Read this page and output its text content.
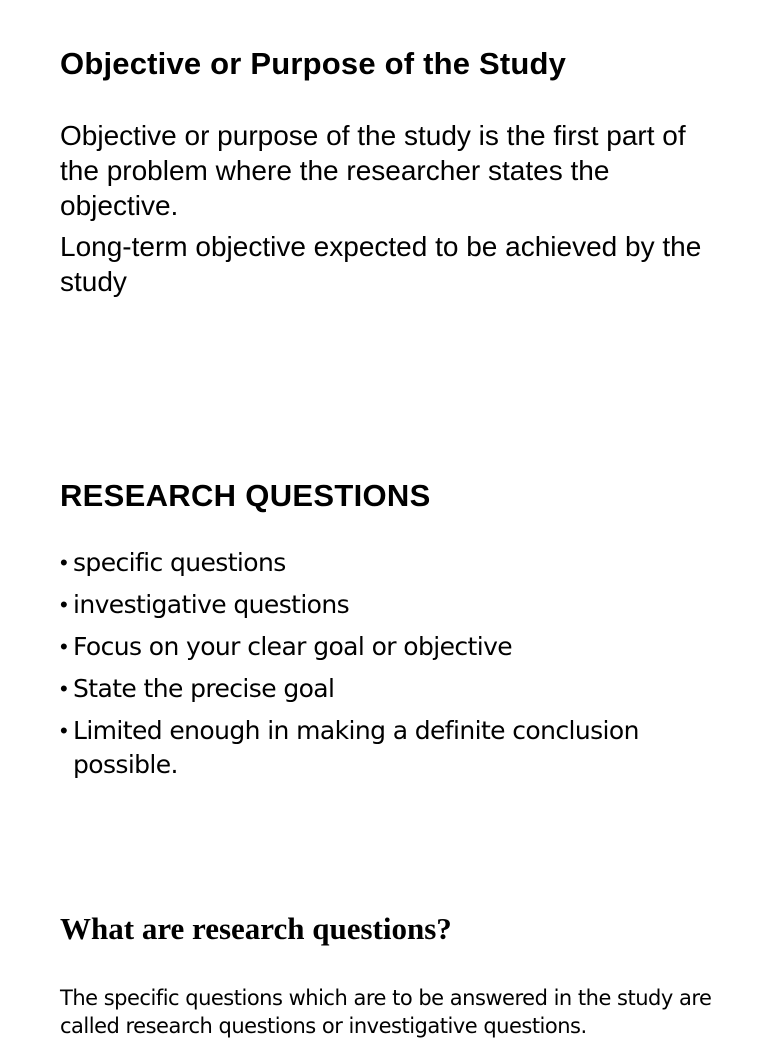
Objective or Purpose of the Study

Objective or purpose of the study is the first part of the problem where the researcher states the objective.

Long-term objective expected to be achieved by the study

RESEARCH QUESTIONS
• specific questions
• investigative questions
• Focus on your clear goal or objective
• State the precise goal
• Limited enough in making a definite conclusion possible.
What are research questions?

The specific questions which are to be answered in the study are called research questions or investigative questions.
